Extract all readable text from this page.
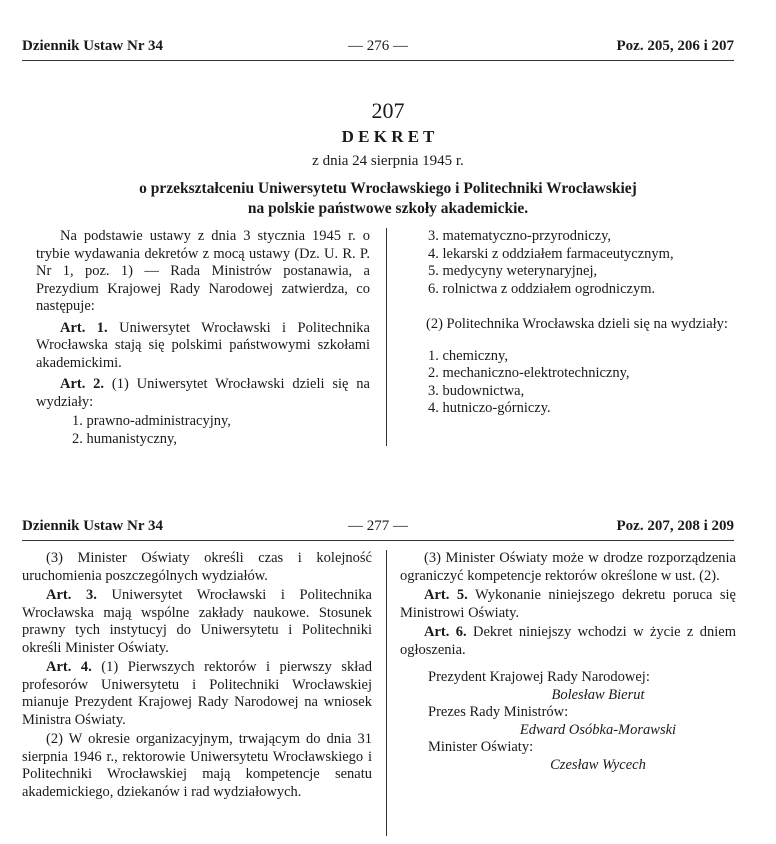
Dziennik Ustaw Nr 34	— 276 —	Poz. 205, 206 i 207
207
D E K R E T
z dnia 24 sierpnia 1945 r.
o przekształceniu Uniwersytetu Wrocławskiego i Politechniki Wrocławskiej
na polskie państwowe szkoły akademickie.

Na podstawie ustawy z dnia 3 stycznia 1945 r. o trybie wydawania dekretów z mocą ustawy (Dz. U. R. P. Nr 1, poz. 1) — Rada Ministrów postanawia, a Prezydium Krajowej Rady Narodowej zatwierdza, co następuje:

Art. 1. Uniwersytet Wrocławski i Politechnika Wrocławska stają się polskimi państwowymi szkołami akademickimi.

Art. 2. (1) Uniwersytet Wrocławski dzieli się na wydziały:

1. prawno-administracyjny,

2. humanistyczny,

3. matematyczno-przyrodniczy,

4. lekarski z oddziałem farmaceutycznym,

5. medycyny weterynaryjnej,

6. rolnictwa z oddziałem ogrodniczym.

(2) Politechnika Wrocławska dzieli się na wydziały:

1. chemiczny,

2. mechaniczno-elektrotechniczny,

3. budownictwa,

4. hutniczo-górniczy.

Dziennik Ustaw Nr 34	— 277 —	Poz. 207, 208 i 209

(3) Minister Oświaty określi czas i kolejność uruchomienia poszczególnych wydziałów.

Art. 3. Uniwersytet Wrocławski i Politechnika Wrocławska mają wspólne zakłady naukowe. Stosunek prawny tych instytucyj do Uniwersytetu i Politechniki określi Minister Oświaty.

Art. 4. (1) Pierwszych rektorów i pierwszy skład profesorów Uniwersytetu i Politechniki Wrocławskiej mianuje Prezydent Krajowej Rady Narodowej na wniosek Ministra Oświaty.

(2) W okresie organizacyjnym, trwającym do dnia 31 sierpnia 1946 r., rektorowie Uniwersytetu Wrocławskiego i Politechniki Wrocławskiej mają kompetencje senatu akademickiego, dziekanów i rad wydziałowych.

(3) Minister Oświaty może w drodze rozporządzenia ograniczyć kompetencje rektorów określone w ust. (2).

Art. 5. Wykonanie niniejszego dekretu poruca się Ministrowi Oświaty.

Art. 6. Dekret niniejszy wchodzi w życie z dniem ogłoszenia.

Prezydent Krajowej Rady Narodowej:

Bolesław Bierut

Prezes Rady Ministrów:

Edward Osóbka-Morawski

Minister Oświaty:

Czesław Wycech
